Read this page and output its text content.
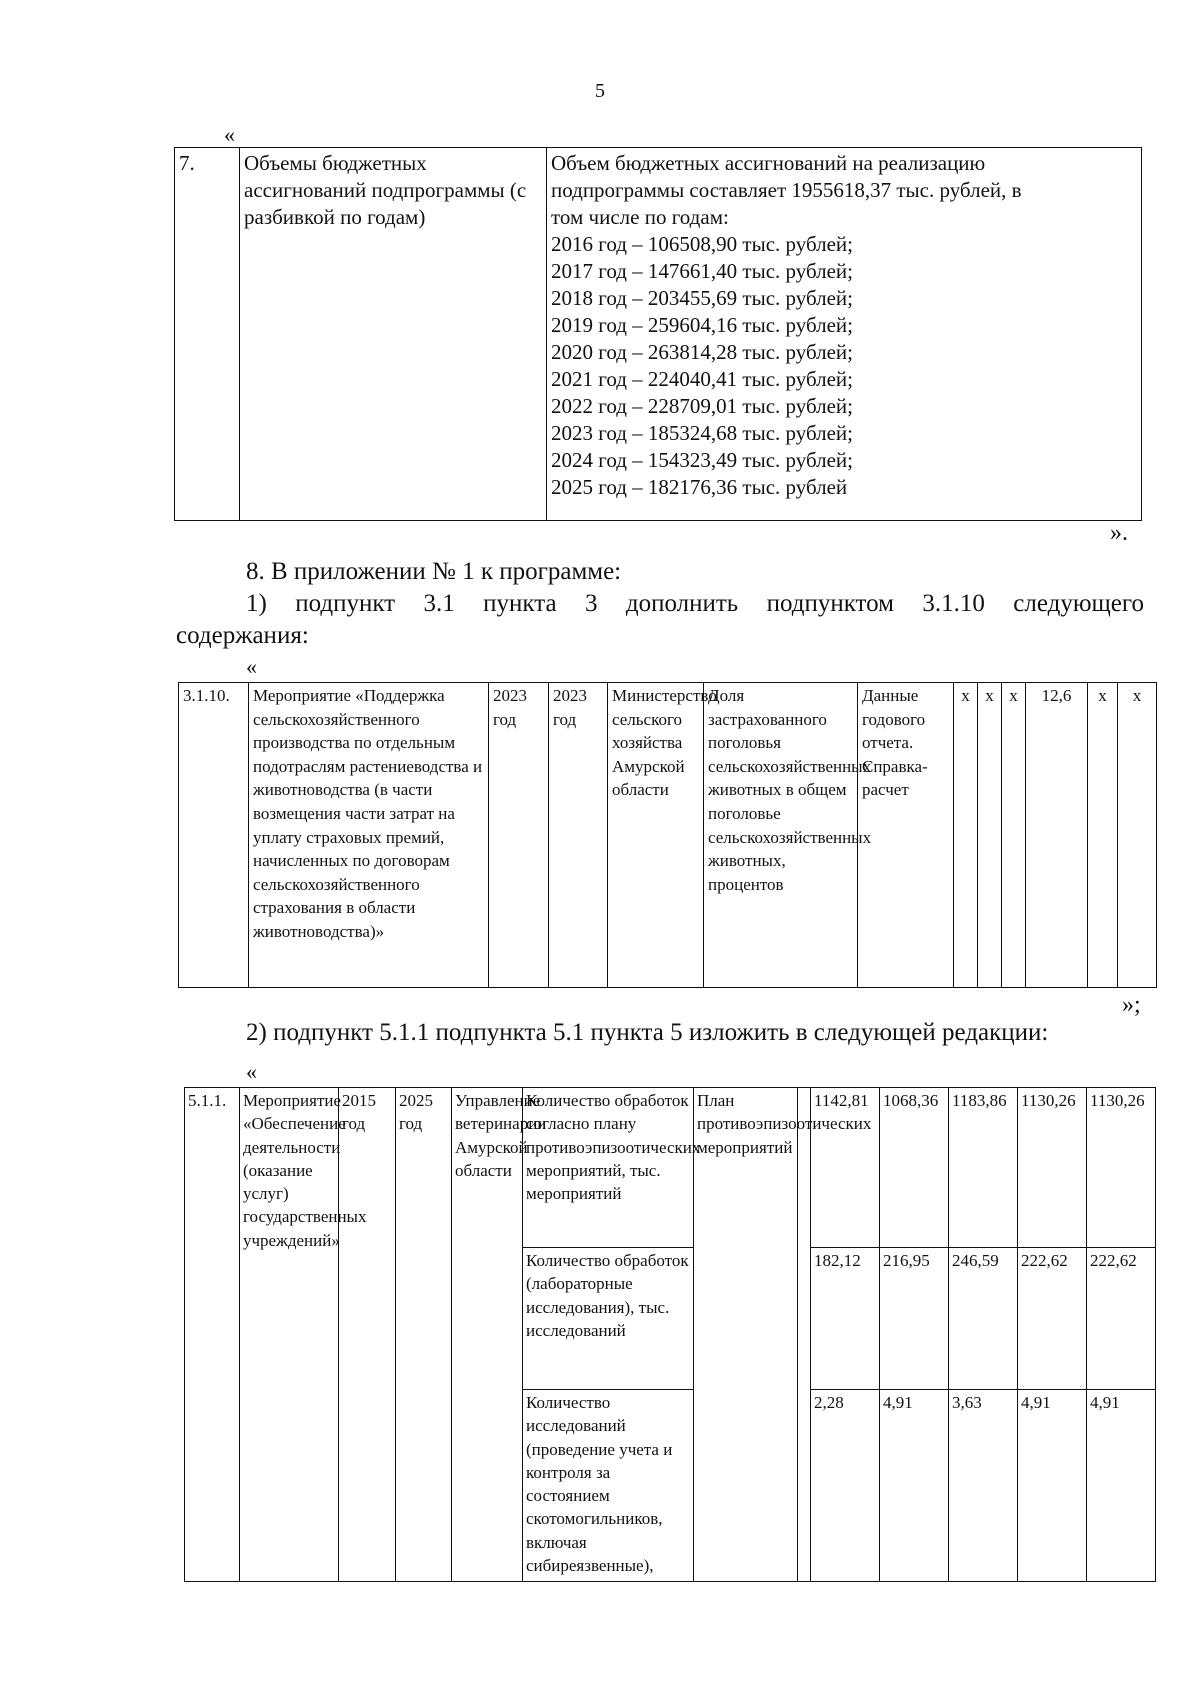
5
«
7.	Объемы бюджетных ассигнований подпрограммы (с разбивкой по годам)	
Объем бюджетных ассигнований на реализацию
подпрограммы составляет 1955618,37 тыс. рублей, в
том числе по годам:
2016 год – 106508,90 тыс. рублей;
2017 год – 147661,40 тыс. рублей;
2018 год – 203455,69 тыс. рублей;
2019 год – 259604,16 тыс. рублей;
2020 год – 263814,28 тыс. рублей;
2021 год – 224040,41 тыс. рублей;
2022 год – 228709,01 тыс. рублей;
2023 год – 185324,68 тыс. рублей;
2024 год – 154323,49 тыс. рублей;
2025 год – 182176,36 тыс. рублей
».
8. В приложении № 1 к программе:
1) подпункт 3.1 пункта 3 дополнить подпунктом 3.1.10 следующего
содержания:
«
3.1.10.	Мероприятие «Поддержка сельскохозяйственного производства по отдельным подотраслям растениеводства и животноводства (в части возмещения части затрат на уплату страховых премий, начисленных по договорам сельскохозяйственного страхования в области животноводства)»	2023 год	2023 год	Министерство сельского хозяйства Амурской области	Доля застрахованного поголовья сельскохозяйственных животных в общем поголовье сельскохозяйственных животных, процентов	Данные годового отчета. Справка-расчет	x	x	x	12,6	x	x
»;
2) подпункт 5.1.1 подпункта 5.1 пункта 5 изложить в следующей редакции:
«
5.1.1.	Мероприятие «Обеспечение деятельности (оказание услуг) государственных учреждений»	2015 год	2025 год	Управление ветеринарии Амурской области	Количество обработок согласно плану противоэпизоотических мероприятий, тыс. мероприятий	План противоэпизоотических мероприятий		1142,81	1068,36	1183,86	1130,26	1130,26
					Количество обработок (лабораторные исследования), тыс. исследований			182,12	216,95	246,59	222,62	222,62
					Количество исследований (проведение учета и контроля за состоянием скотомогильников, включая сибиреязвенные),			2,28	4,91	3,63	4,91	4,91
